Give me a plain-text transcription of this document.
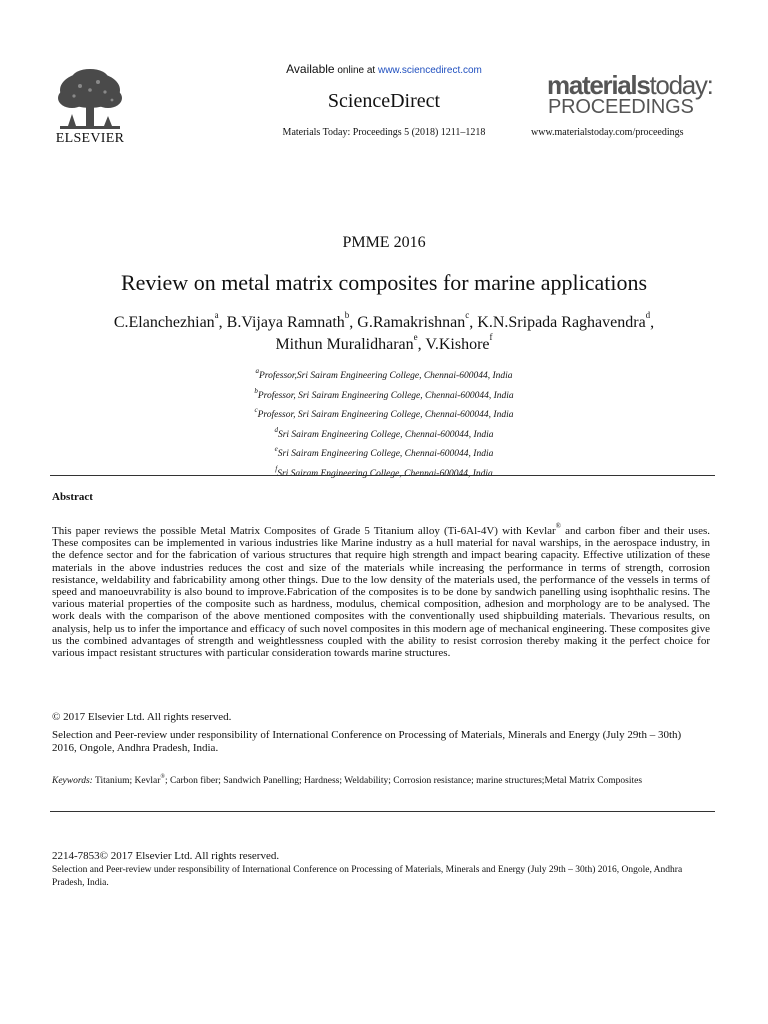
ELSEVIER
Available online at www.sciencedirect.com
ScienceDirect
Materials Today: Proceedings 5 (2018) 1211–1218
materialstoday:
PROCEEDINGS
www.materialstoday.com/proceedings
PMME 2016
Review on metal matrix composites for marine applications
C.Elanchezhian$^a$, B.Vijaya Ramnath$^b$, G.Ramakrishnan$^c$, K.N.Sripada Raghavendra$^d$,
Mithun Muralidharan$^e$, V.Kishore$^f$
$^a$Professor,Sri Sairam Engineering College, Chennai-600044, India
$^b$Professor, Sri Sairam Engineering College, Chennai-600044, India
$^c$Professor, Sri Sairam Engineering College, Chennai-600044, India
$^d$Sri Sairam Engineering College, Chennai-600044, India
$^e$Sri Sairam Engineering College, Chennai-600044, India
$^f$Sri Sairam Engineering College, Chennai-600044, India
Abstract
This paper reviews the possible Metal Matrix Composites of Grade 5 Titanium alloy (Ti-6Al-4V) with Kevlar® and carbon fiber and their uses. These composites can be implemented in various industries like Marine industry as a hull material for naval warships, in the aerospace industry, in the defence sector and for the fabrication of various structures that require high strength and impact bearing capacity. Effective utilization of these materials in the above industries reduces the cost and size of the materials while increasing the performance in terms of strength, corrosion resistance, weldability and fabricability among other things. Due to the low density of the materials used, the performance of the vessels in terms of speed and manoeuvrability is also bound to improve.Fabrication of the composites is to be done by sandwich panelling using isophthalic resins. The various material properties of the composite such as hardness, modulus, chemical composition, adhesion and morphology are to be analysed. The work deals with the comparison of the above mentioned composites with the conventionally used shipbuilding materials. Thevarious results, on analysis, help us to infer the importance and efficacy of such novel composites in this modern age of mechanical engineering. These composites give us the combined advantages of strength and weightlessness coupled with the ability to resist corrosion thereby making it the perfect choice for various impact resistant structures with particular consideration towards marine structures.
© 2017 Elsevier Ltd. All rights reserved.
Selection and Peer-review under responsibility of International Conference on Processing of Materials, Minerals and Energy (July 29th – 30th) 2016, Ongole, Andhra Pradesh, India.
Keywords: Titanium; Kevlar®; Carbon fiber; Sandwich Panelling; Hardness; Weldability; Corrosion resistance; marine structures;Metal Matrix Composites
2214-7853© 2017 Elsevier Ltd. All rights reserved.
Selection and Peer-review under responsibility of International Conference on Processing of Materials, Minerals and Energy (July 29th – 30th) 2016, Ongole, Andhra Pradesh, India.
